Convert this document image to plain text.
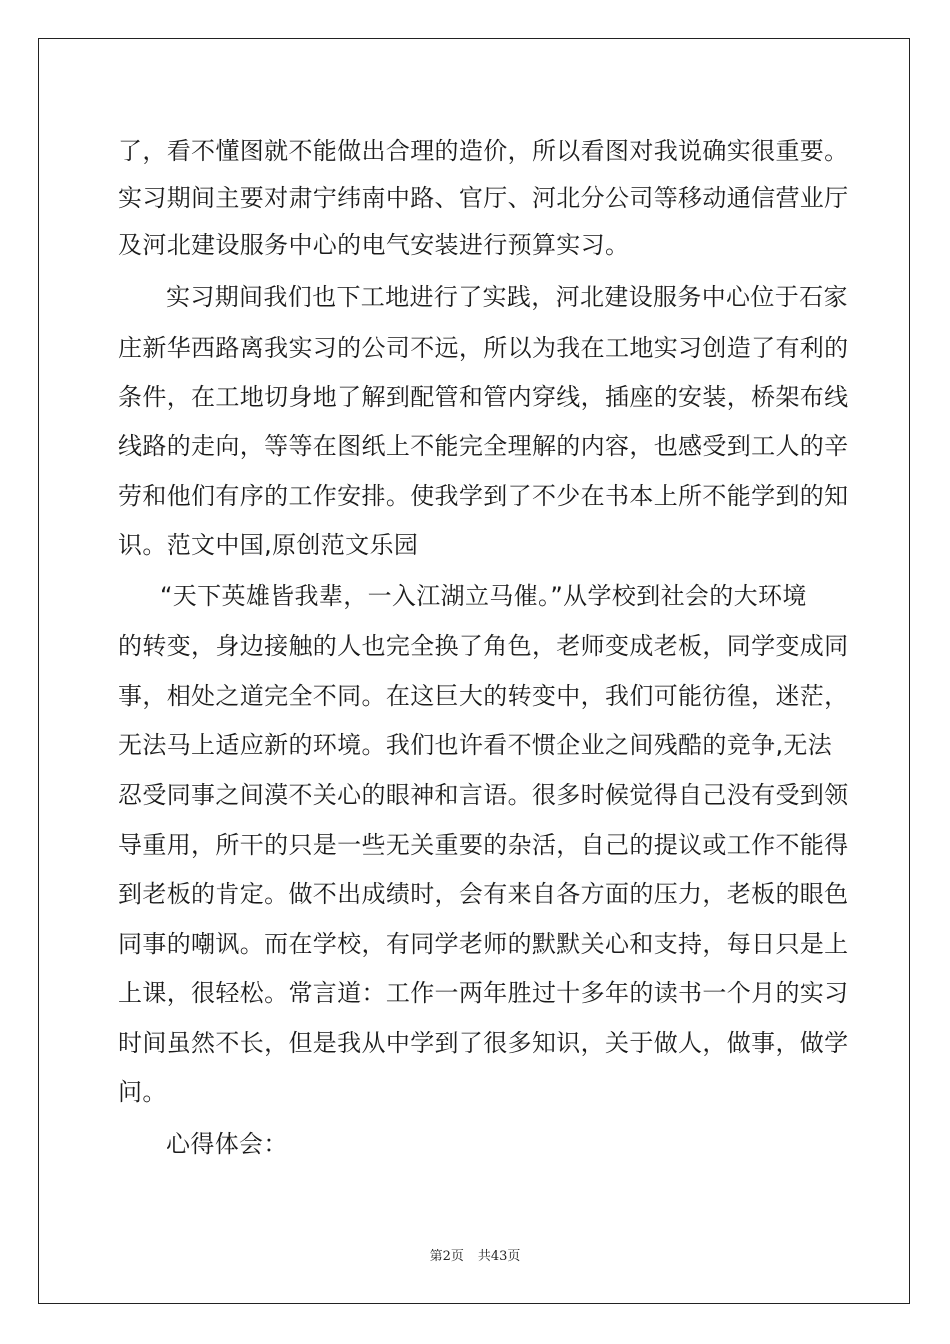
了，看不懂图就不能做出合理的造价，所以看图对我说确实很重要。
实习期间主要对肃宁纬南中路、官厅、河北分公司等移动通信营业厅
及河北建设服务中心的电气安装进行预算实习。
实习期间我们也下工地进行了实践，河北建设服务中心位于石家
庄新华西路离我实习的公司不远，所以为我在工地实习创造了有利的
条件，在工地切身地了解到配管和管内穿线，插座的安装，桥架布线
线路的走向，等等在图纸上不能完全理解的内容，也感受到工人的辛
劳和他们有序的工作安排。使我学到了不少在书本上所不能学到的知
识。范文中国,原创范文乐园
“天下英雄皆我辈，一入江湖立马催。”从学校到社会的大环境
的转变，身边接触的人也完全换了角色，老师变成老板，同学变成同
事，相处之道完全不同。在这巨大的转变中，我们可能彷徨，迷茫，
无法马上适应新的环境。我们也许看不惯企业之间残酷的竞争,无法
忍受同事之间漠不关心的眼神和言语。很多时候觉得自己没有受到领
导重用，所干的只是一些无关重要的杂活，自己的提议或工作不能得
到老板的肯定。做不出成绩时，会有来自各方面的压力，老板的眼色
同事的嘲讽。而在学校，有同学老师的默默关心和支持，每日只是上
上课，很轻松。常言道：工作一两年胜过十多年的读书一个月的实习
时间虽然不长，但是我从中学到了很多知识，关于做人，做事，做学
问。
心得体会：
第2页 共43页
